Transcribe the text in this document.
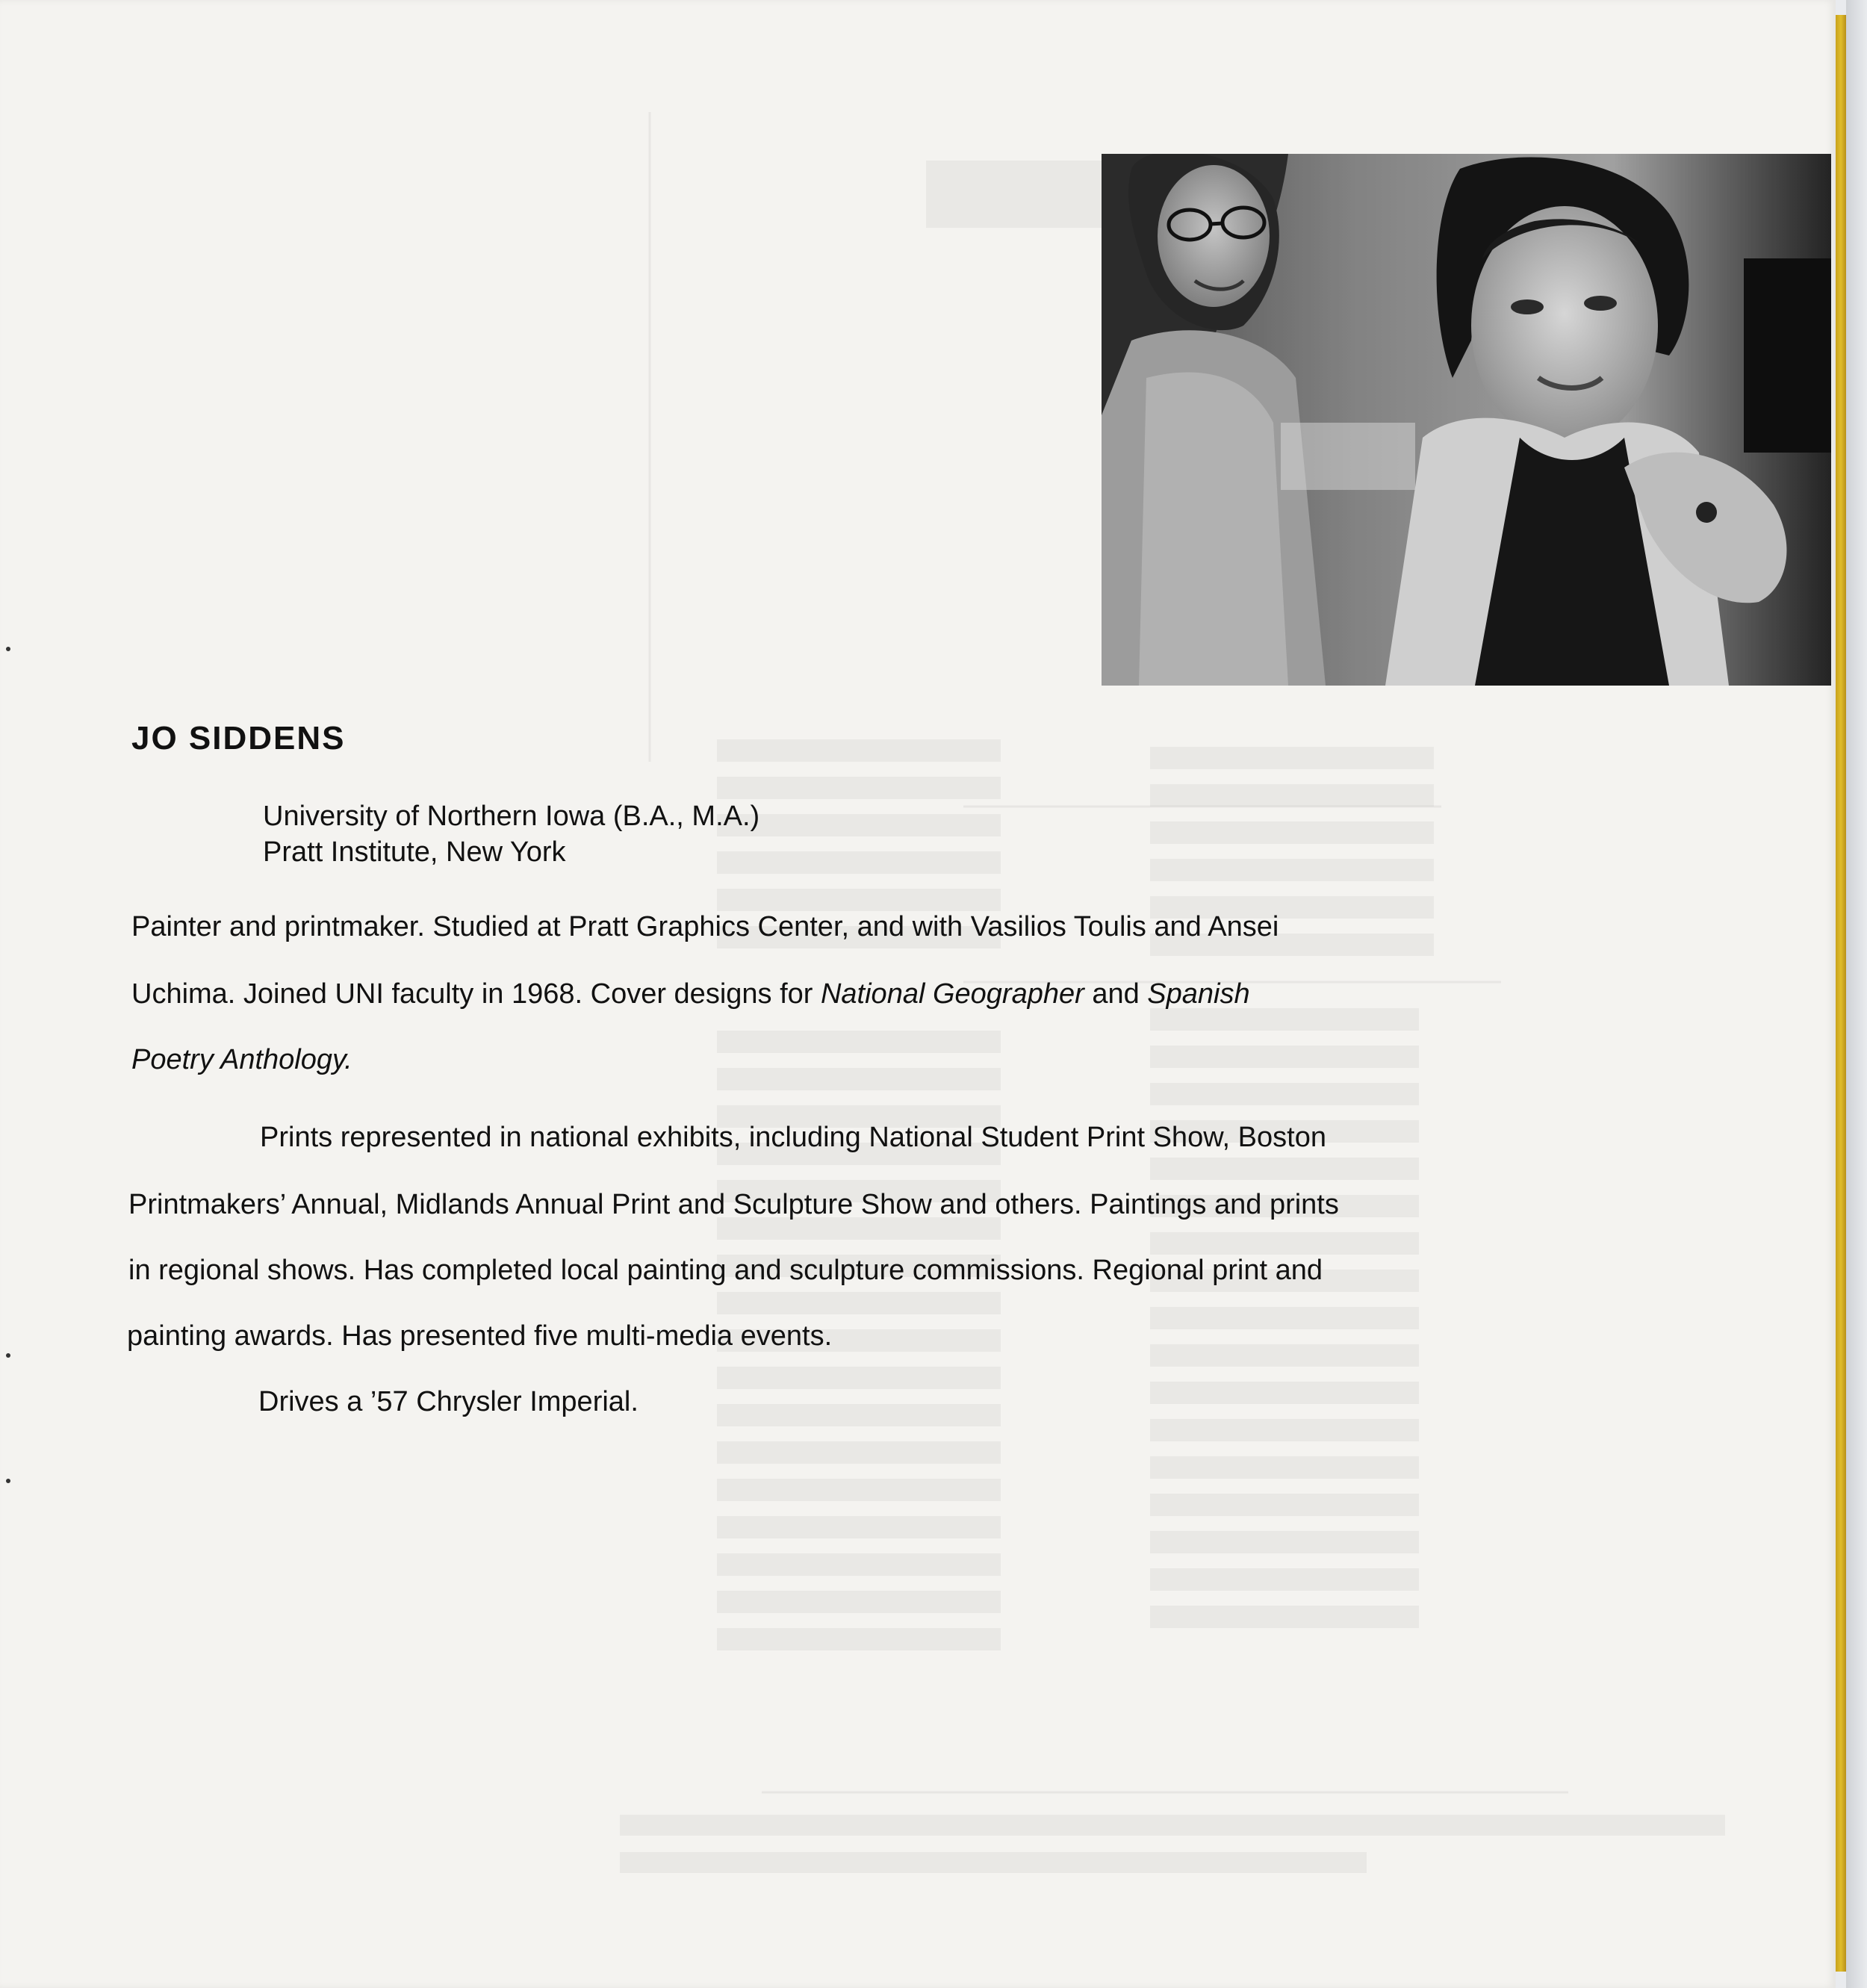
JO SIDDENS
University of Northern Iowa (B.A., M.A.)
Pratt Institute, New York
Painter and printmaker. Studied at Pratt Graphics Center, and with Vasilios Toulis and Ansei
Uchima. Joined UNI faculty in 1968. Cover designs for National Geographer and Spanish
Poetry Anthology.
Prints represented in national exhibits, including National Student Print Show, Boston
Printmakers’ Annual, Midlands Annual Print and Sculpture Show and others. Paintings and prints
in regional shows. Has completed local painting and sculpture commissions. Regional print and
painting awards. Has presented five multi-media events.
Drives a ’57 Chrysler Imperial.
